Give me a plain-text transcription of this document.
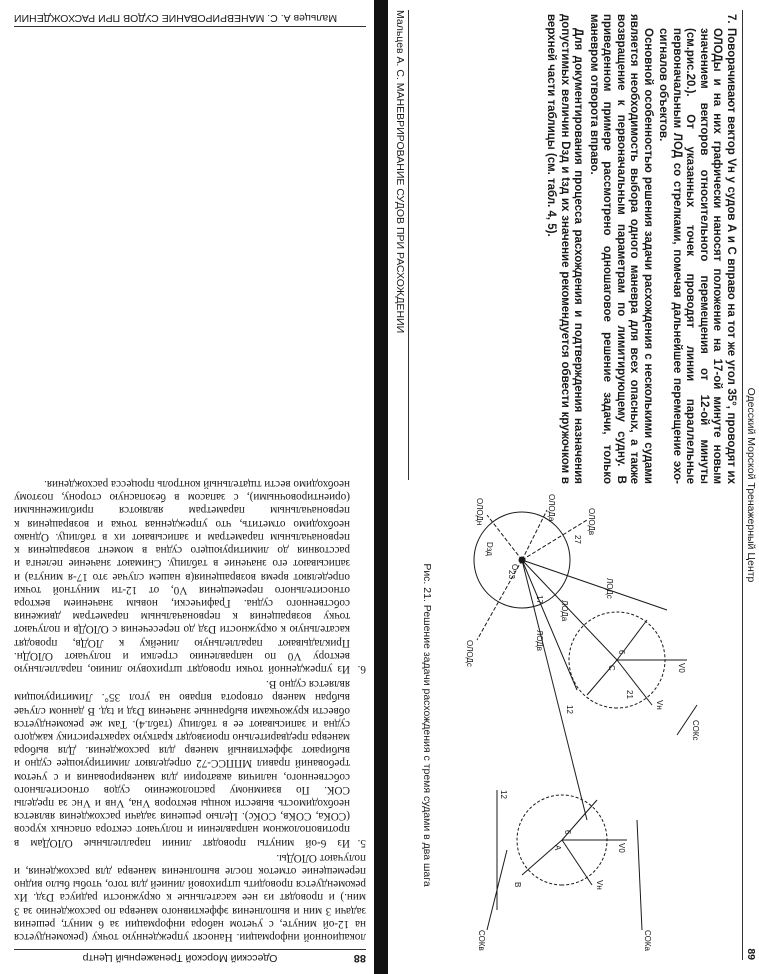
88
Одесский Морской Тренажерный Центр

локационной информации. Наносят упрежденную точку (рекомендуется на 12-ой минуте, с учетом набора информации за 6 минут, решения задачи 3 мин и выполнения эффективного маневра по расхождению за 3 мин.) и проводят из нее касательные к окружности радиуса Dзд. Их рекомендуется проводить штриховой линией для того, чтобы было видно перемещение отметок после выполнения маневра для расхождения, и получают ОЛОДы.

5.
Из 6-ой минуты проводят линии параллельные ОЛОДам в противоположном направлении и получают сектора опасных курсов (СОКа, СОКв, СОКс). Целью решения задачи расхождения является необходимость вывести концы векторов Vна, Vнв и Vнс за пределы СОК. По взаимному расположению судов относительного собственного, наличия акватории для маневрирования и с учетом требований правил МППСС-72 определяют лимитирующее судно и выбирают эффективный маневр для расхождения. Для выбора маневра предварительно производят краткую характеристику каждого судна и записывают ее в таблицу (табл.4). Там же рекомендуется обвести кружочками выбранные значения Dзд и tзд. В данном случае выбран маневр отворота вправо на угол 35°. Лимитирующим является судно В.

6.
Из упрежденной точки проводят штриховую линию, параллельную вектору V0 по направлению стрелки и получают ОЛОДн. Прикладывают параллельную линейку к ЛОДв, проводят касательную к окружности Dзд до пересечения с ОЛОДв и получают точку возвращения к первоначальным параметрам движения собственного судна. Графически, новым значением вектора относительного перемещения V0, от 12-ти минутной точки определяют время возвращения(в нашем случае это 17-я минута) и записывают его значение в таблицу. Снимают значение пеленга и расстояния до лимитирующего судна в момент возвращения к первоначальным параметрам и записывают их в таблицу. Однако необходимо отметить, что упрежденная точка и возвращения к первоначальным параметрам являются приближенными (ориентировочными), с запасом в безопасную сторону, поэтому необходимо вести тщательный контроль процесса расхождения.

Мальцев А. С. МАНЕВРИРОВАНИЕ СУДОВ ПРИ РАСХОЖДЕНИИ
Одесский Морской Тренажерный Центр
89

7.
Поворачивают вектор Vн у судов А и С вправо на тот же угол 35°, проводят их ОЛОДы и на них графически наносят положение на 17-ой минуте новым значением векторов относительного перемещения от 12-ой минуты (см.рис.20.). От указанных точек проводят линии параллельные первоначальным ЛОД со стрелками, помечая дальнейшее перемещение эхо-сигналов объектов.

Основной особенностью решения задачи расхождения с несколькими судами является необходимость выбора одного маневра для всех опасных, а также возвращение к первоначальным параметрам по лимитирующему судну. В приведенном примере рассмотрено одношаговое решение задачи, только маневром отворота вправо.

Для документирования процесса расхождения и подтверждения назначения допустимых величин Dзд и tзд их значение рекомендуется обвести кружочком в верхней части таблицы (см. табл. 4, 5).

СОКс
СОКа
СОКв
ОЛОДв
ОЛОДа
ОЛОДс
ОЛОДн
ЛОДа
ЛОДв
ЛОДс
Dзд
О
А
В
С
Vн
Vн
V0
V0
6
6
12
12
17
21
23
27
Рис. 21. Решение задачи расхождения с тремя судами в два шага
Мальцев А. С. МАНЕВРИРОВАНИЕ СУДОВ ПРИ РАСХОЖДЕНИИ
